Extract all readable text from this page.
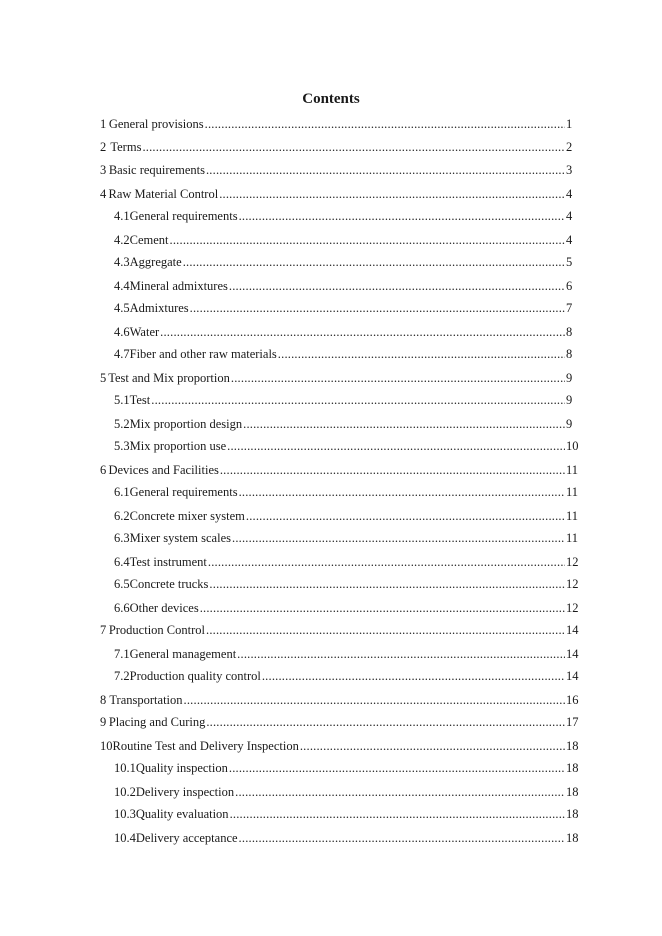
Contents
1 General provisions .....	1
2 Terms .....	2
3 Basic requirements .....	3
4 Raw Material Control .....	4
4.1 General requirements .....	4
4.2 Cement .....	4
4.3 Aggregate .....	5
4.4 Mineral admixtures .....	6
4.5 Admixtures .....	7
4.6 Water .....	8
4.7 Fiber and other raw materials .....	8
5 Test and Mix proportion .....	9
5.1 Test .....	9
5.2 Mix proportion design .....	9
5.3 Mix proportion use .....	10
6 Devices and Facilities .....	11
6.1 General requirements .....	11
6.2 Concrete mixer system .....	11
6.3 Mixer system scales .....	11
6.4 Test instrument .....	12
6.5 Concrete trucks .....	12
6.6 Other devices .....	12
7 Production Control .....	14
7.1 General management .....	14
7.2 Production quality control .....	14
8 Transportation .....	16
9 Placing and Curing .....	17
10 Routine Test and Delivery Inspection .....	18
10.1 Quality inspection .....	18
10.2 Delivery inspection .....	18
10.3 Quality evaluation .....	18
10.4 Delivery acceptance .....	18
